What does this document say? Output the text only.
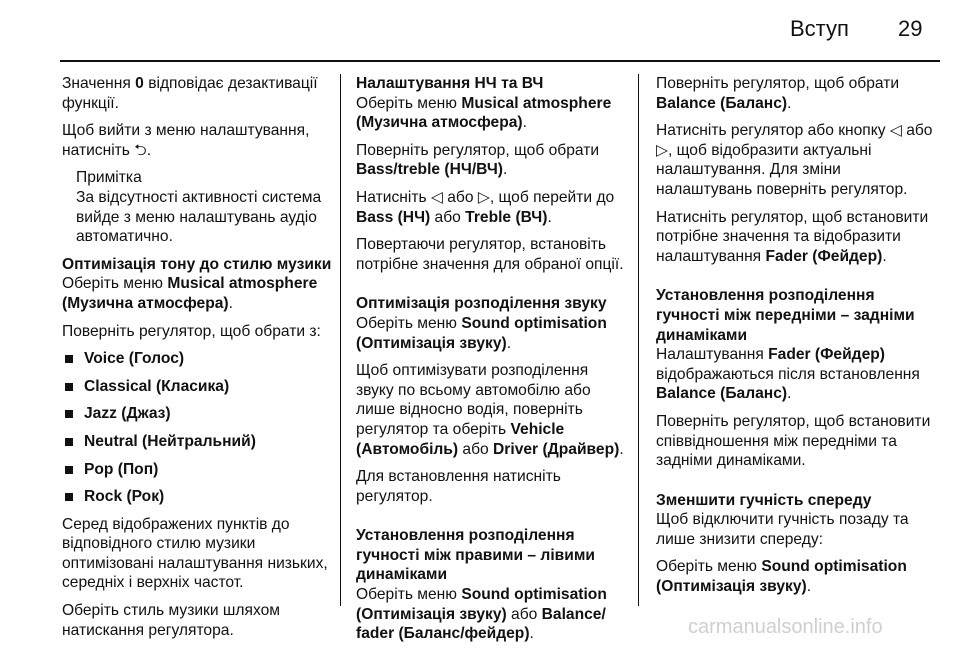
Вступ 29

Значення 0 відповідає дезактивації функції.

Щоб вийти з меню налаштування, натисніть ⮌.

Примітка
За відсутності активності система вийде з меню налаштувань аудіо автоматично.

Оптимізація тону до стилю музики

Оберіть меню Musical atmosphere (Музична атмосфера).

Поверніть регулятор, щоб обрати з:

Voice (Голос)
Classical (Класика)
Jazz (Джаз)
Neutral (Нейтральний)
Pop (Поп)
Rock (Рок)

Серед відображених пунктів до відповідного стилю музики оптимізовані налаштування низьких, середніх і верхніх частот.

Оберіть стиль музики шляхом натискання регулятора.

Налаштування НЧ та ВЧ

Оберіть меню Musical atmosphere (Музична атмосфера).

Поверніть регулятор, щоб обрати Bass/treble (НЧ/ВЧ).

Натисніть ◁ або ▷, щоб перейти до Bass (НЧ) або Treble (ВЧ).

Повертаючи регулятор, встановіть потрібне значення для обраної опції.

Оптимізація розподілення звуку

Оберіть меню Sound optimisation (Оптимізація звуку).

Щоб оптимізувати розподілення звуку по всьому автомобілю або лише відносно водія, поверніть регулятор та оберіть Vehicle (Автомобіль) або Driver (Драйвер).

Для встановлення натисніть регулятор.

Установлення розподілення гучності між правими – лівими динаміками

Оберіть меню Sound optimisation (Оптимізація звуку) або Balance/ fader (Баланс/фейдер).

Поверніть регулятор, щоб обрати Balance (Баланс).

Натисніть регулятор або кнопку ◁ або ▷, щоб відобразити актуальні налаштування. Для зміни налаштувань поверніть регулятор.

Натисніть регулятор, щоб встановити потрібне значення та відобразити налаштування Fader (Фейдер).

Установлення розподілення гучності між передніми – задніми динаміками

Налаштування Fader (Фейдер) відображаються після встановлення Balance (Баланс).

Поверніть регулятор, щоб встановити співвідношення між передніми та задніми динаміками.

Зменшити гучність спереду

Щоб відключити гучність позаду та лише знизити спереду:

Оберіть меню Sound optimisation (Оптимізація звуку).

carmanualsonline.info
